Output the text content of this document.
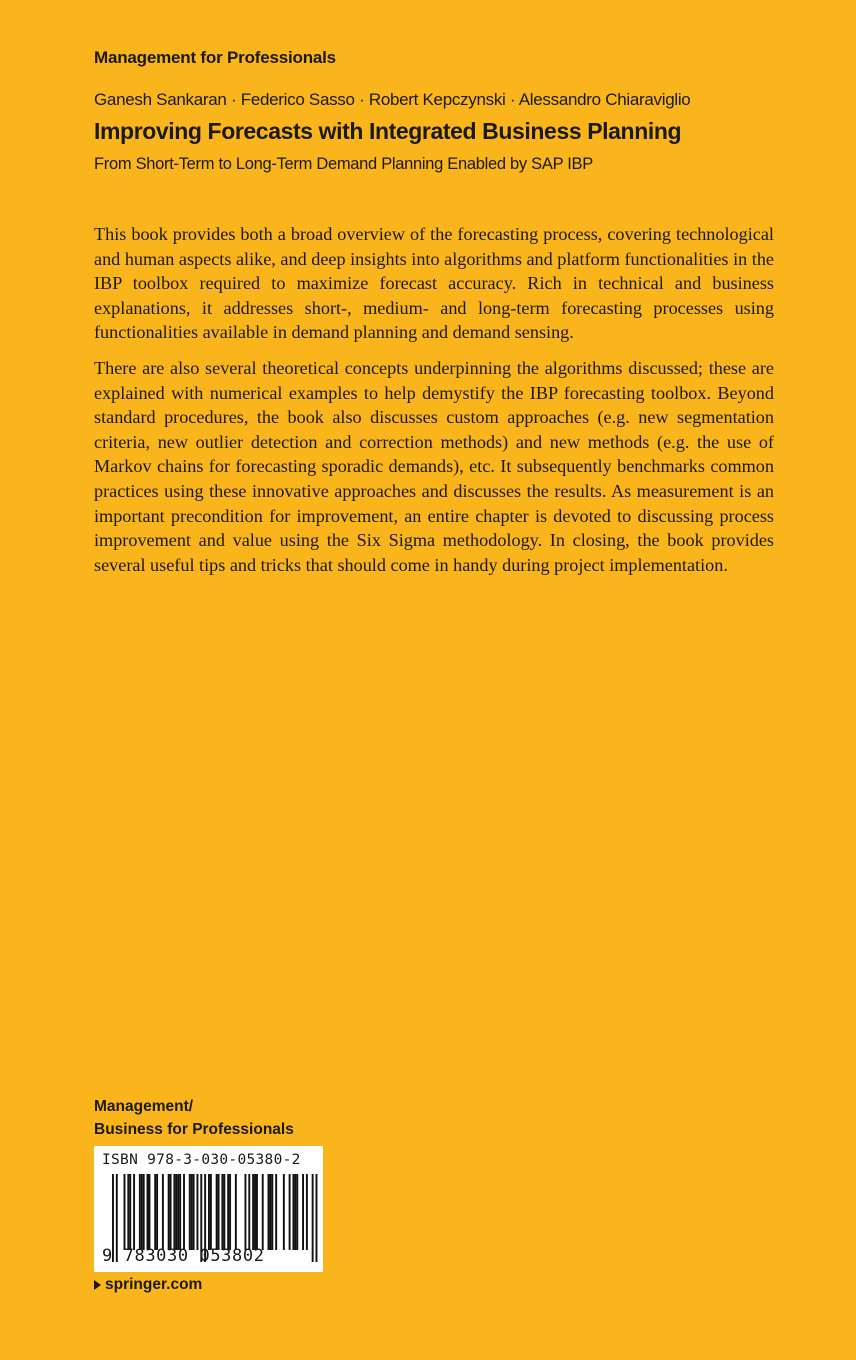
Management for Professionals
Ganesh Sankaran · Federico Sasso · Robert Kepczynski · Alessandro Chiaraviglio
Improving Forecasts with Integrated Business Planning
From Short-Term to Long-Term Demand Planning Enabled by SAP IBP

This book provides both a broad overview of the forecasting process, covering technological and human aspects alike, and deep insights into algorithms and platform functionalities in the IBP toolbox required to maximize forecast accuracy. Rich in technical and business explanations, it addresses short-, medium- and long-term forecasting processes using functionalities available in demand planning and demand sensing.

There are also several theoretical concepts underpinning the algorithms discussed; these are explained with numerical examples to help demystify the IBP forecasting toolbox. Beyond standard procedures, the book also discusses custom approaches (e.g. new segmentation criteria, new outlier detection and correction methods) and new methods (e.g. the use of Markov chains for forecasting sporadic demands), etc. It subsequently benchmarks common practices using these innovative approaches and discusses the results. As measurement is an important precondition for improvement, an entire chapter is devoted to discussing process improvement and value using the Six Sigma methodology. In closing, the book provides several useful tips and tricks that should come in handy during project implementation.

Management/
Business for Professionals
ISBN 978-3-030-05380-2
9 783030 053802
springer.com
